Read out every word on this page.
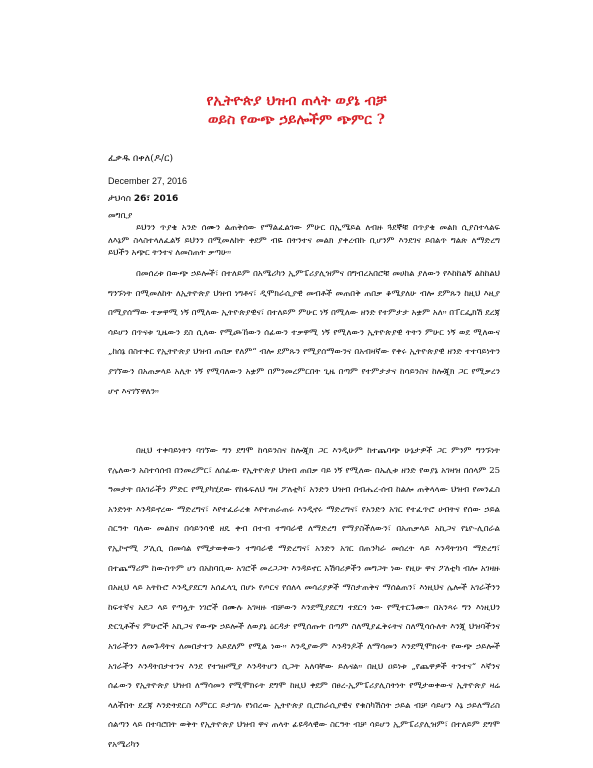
የኢትዮጵያ ህዝብ ጠላት ወያኔ ብቻ
ወይስ የውጭ ኃይሎችም ጭምር ?
ፈቃዱ በቀለ(ዶ/ር)
December 27, 2016
ታህሳስ 26፣ 2016
መግቢያ

ይህንን ጥያቄ አንድ ሰሙን ልጠቅሰው የማልፈልገው ምሁር በኢሜይል ለብዙ ጓደኞቹ በጥያቄ መልክ ሲያስተላልፍ ለእኔም ስላስተላለፈልኝ ይህንን በሚመለከት ቀደም ብዬ በትንተና መልክ ያቀረብኩ ቢሆንም እንደገና ይበልጥ ግልጽ ለማድረግ ይህችን አጭር ትንተና ለመስጠት ቃጣሁ።

በመሰረቱ በውጭ ኃይሎች፣ በተለይም በአሜሪካን ኢምፔሪያሊዝምና በግብረአበሮቹ መሀከል ያለውን የእከከልኝ ልከከልህ ግንኙነት በሚመለከት ለኢትዮጵያ ህዝብ ነግቶና፣ ዲሞክራሲያዊ መብቶች መጠበቅ ጠበቃ ቆሜያለሁ ብሎ ደምጹን ከዚህ እዚያ በሚያሰማው ተቃዋሚ ነኝ በሚለው ኢትዮጵያዊና፣ በተለይም ምሁር ነኝ በሚለው ዘንድ የተምታታ አቋም አለ። በፐርፌክሽ ደረጃ ሳይሆን በጥናቱ ጊዜውን ደስ ሲለው የሚጮኸውን ሰፊውን ተቃዋሚ ነኝ የሚለውን ኢትዮጵያዊ ትትን ምሁር ነኝ ወደ ሚለውና „ከሰኔ በስተቀር የኢትዮጵያ ህዝብ ጠበቃ የለም“ ብሎ ደምጹን የሚያሰማውንና በአብዛኛው የቀሩ ኢትዮጵያዊ ዘንድ ተተባይነትን ያገኘውን በአጠቃላይ አሊት ነኝ የሚባለውን አቋም በምንመረምርበት ጊዜ በጣም የተምታታና ከሳይንስና ከሎጂክ ጋር የሚቃረን ሆኖ እናገኘዋለን።

በዚህ ተቀባይነትን ባገኘው ግን ደግሞ ከሳይንስና ከሎጂክ ጋር እንዲሁም ከተጨባጭ ሁኔታዎች ጋር ምንም ግንኙነት የሌለውን አስተሳሰብ በንመረምር፣ ለሰፊው የኢትዮጵያ ህዝብ ጠበቃ ባይ ነኝ የሚለው በኤሊቱ ዘንድ የወያኔ አገዛዝ በሰላም 25 ዓመታት በአገራችን ምድር የሚያካሂደው የከፋፍለህ ግዛ ፖለቲካ፣ አንድን ህዝብ በብሔረ-ሰብ ከልሎ ጠቅላላው ህዝብ የመንፈስ አንድነት እንዳይኖረው ማድረግና፣ እየተፈራረቁ እየተጠራጠሩ እንዲኖሩ ማድረግና፣ የአንድን አገር የተፈጥሮ ሀብትና የሰው ኃይል ስርዓት ባለው መልክና በሳይንሳዊ ዘዴ ቀብ በተብ ተግባራዊ ለማድረግ የማያስችለውን፣ በአጠቃላይ አኪጋና የኒዮ-ሊበራል የኢኮኖሚ ፖሊሲ በመሳል የሚታወቀውን ተግባራዊ ማድረግና፣ አንድን አገር በጠንካራ መሰረት ላይ እንዳትገነባ ማድረግ፣ በተጨማሪም ከውስጥም ሆነ በአከባቢው አገሮች መረጋጋት እንዳይኖር አሽባሪዎችን መግጋት ነው የዚሁ ዋና ፖለቲካ ብሎ አገዛዙ በአዚህ ላይ አትኩሮ እንዲያደርግ አሰፈላጊ በሆኑ የጦርና የሰለላ መሳሪያዎች ማስታጠቅና ማሰልጠን፣ እነዚህና ሌሎች አገራችንን ከፍተኛና አደጋ ላይ የጣሏት ነገሮች በሙሉ አገዛዙ ብቻውን እንደሚያደርግ ተደርጎ ነው የሚተርጉሙ። በአንጻሩ ግን እነዚህን ድርጊቶችና ምሁሮች አኪጋና የውጭ ኃይሎች ለወያኔ ዕርዳታ የሚሰጡት በጣም ስለሚያፈቅሩትና ስለሚሳሱለት እንጂ ህዝባችንና አገራችንን ለመጉዳትና ለመበታተን አይደለም የሚል ነው። እንዲያውም እንዳንዶች ለማሳመን እንደሚሞክሩት የውጭ ኃይሎች አገራችን እንዳትበታተንና እንደ የተዝዞሚያ እንዳትሆን ሲጋት አለባቸው ይሉናል። በዚህ ዐይነቱ „የጨዋዎች ትንተና“ እኛንና ሰፊውን የኢትዮጵያ ህዝብ ለማሳመን የሚሞክሩት ደግሞ ከዚህ ቀደም በፀረ-ኢምፔሪያሊስትነት የሚታወቀውና ኢትዮጵያ ዛሬ ላለችበት ደረጃ እንድትደርስ እምርር ይታገሉ የነበረው ኢትዮጵያ ቢሮክራሲያዊና የቁስካሽስት ኃይል ብቻ ሳይሆን እኔ ኃይለማሪስ ሰልጣን ላይ በተባሮበት ወቅት የኢትዮጵያ ህዝብ ዋና ጠላት ፊዩዳላዊው ስርዓት ብቻ ሳይሆን ኢምፔሪያሊዝም፣ በተለይም ደግሞ የአሜሪካን
